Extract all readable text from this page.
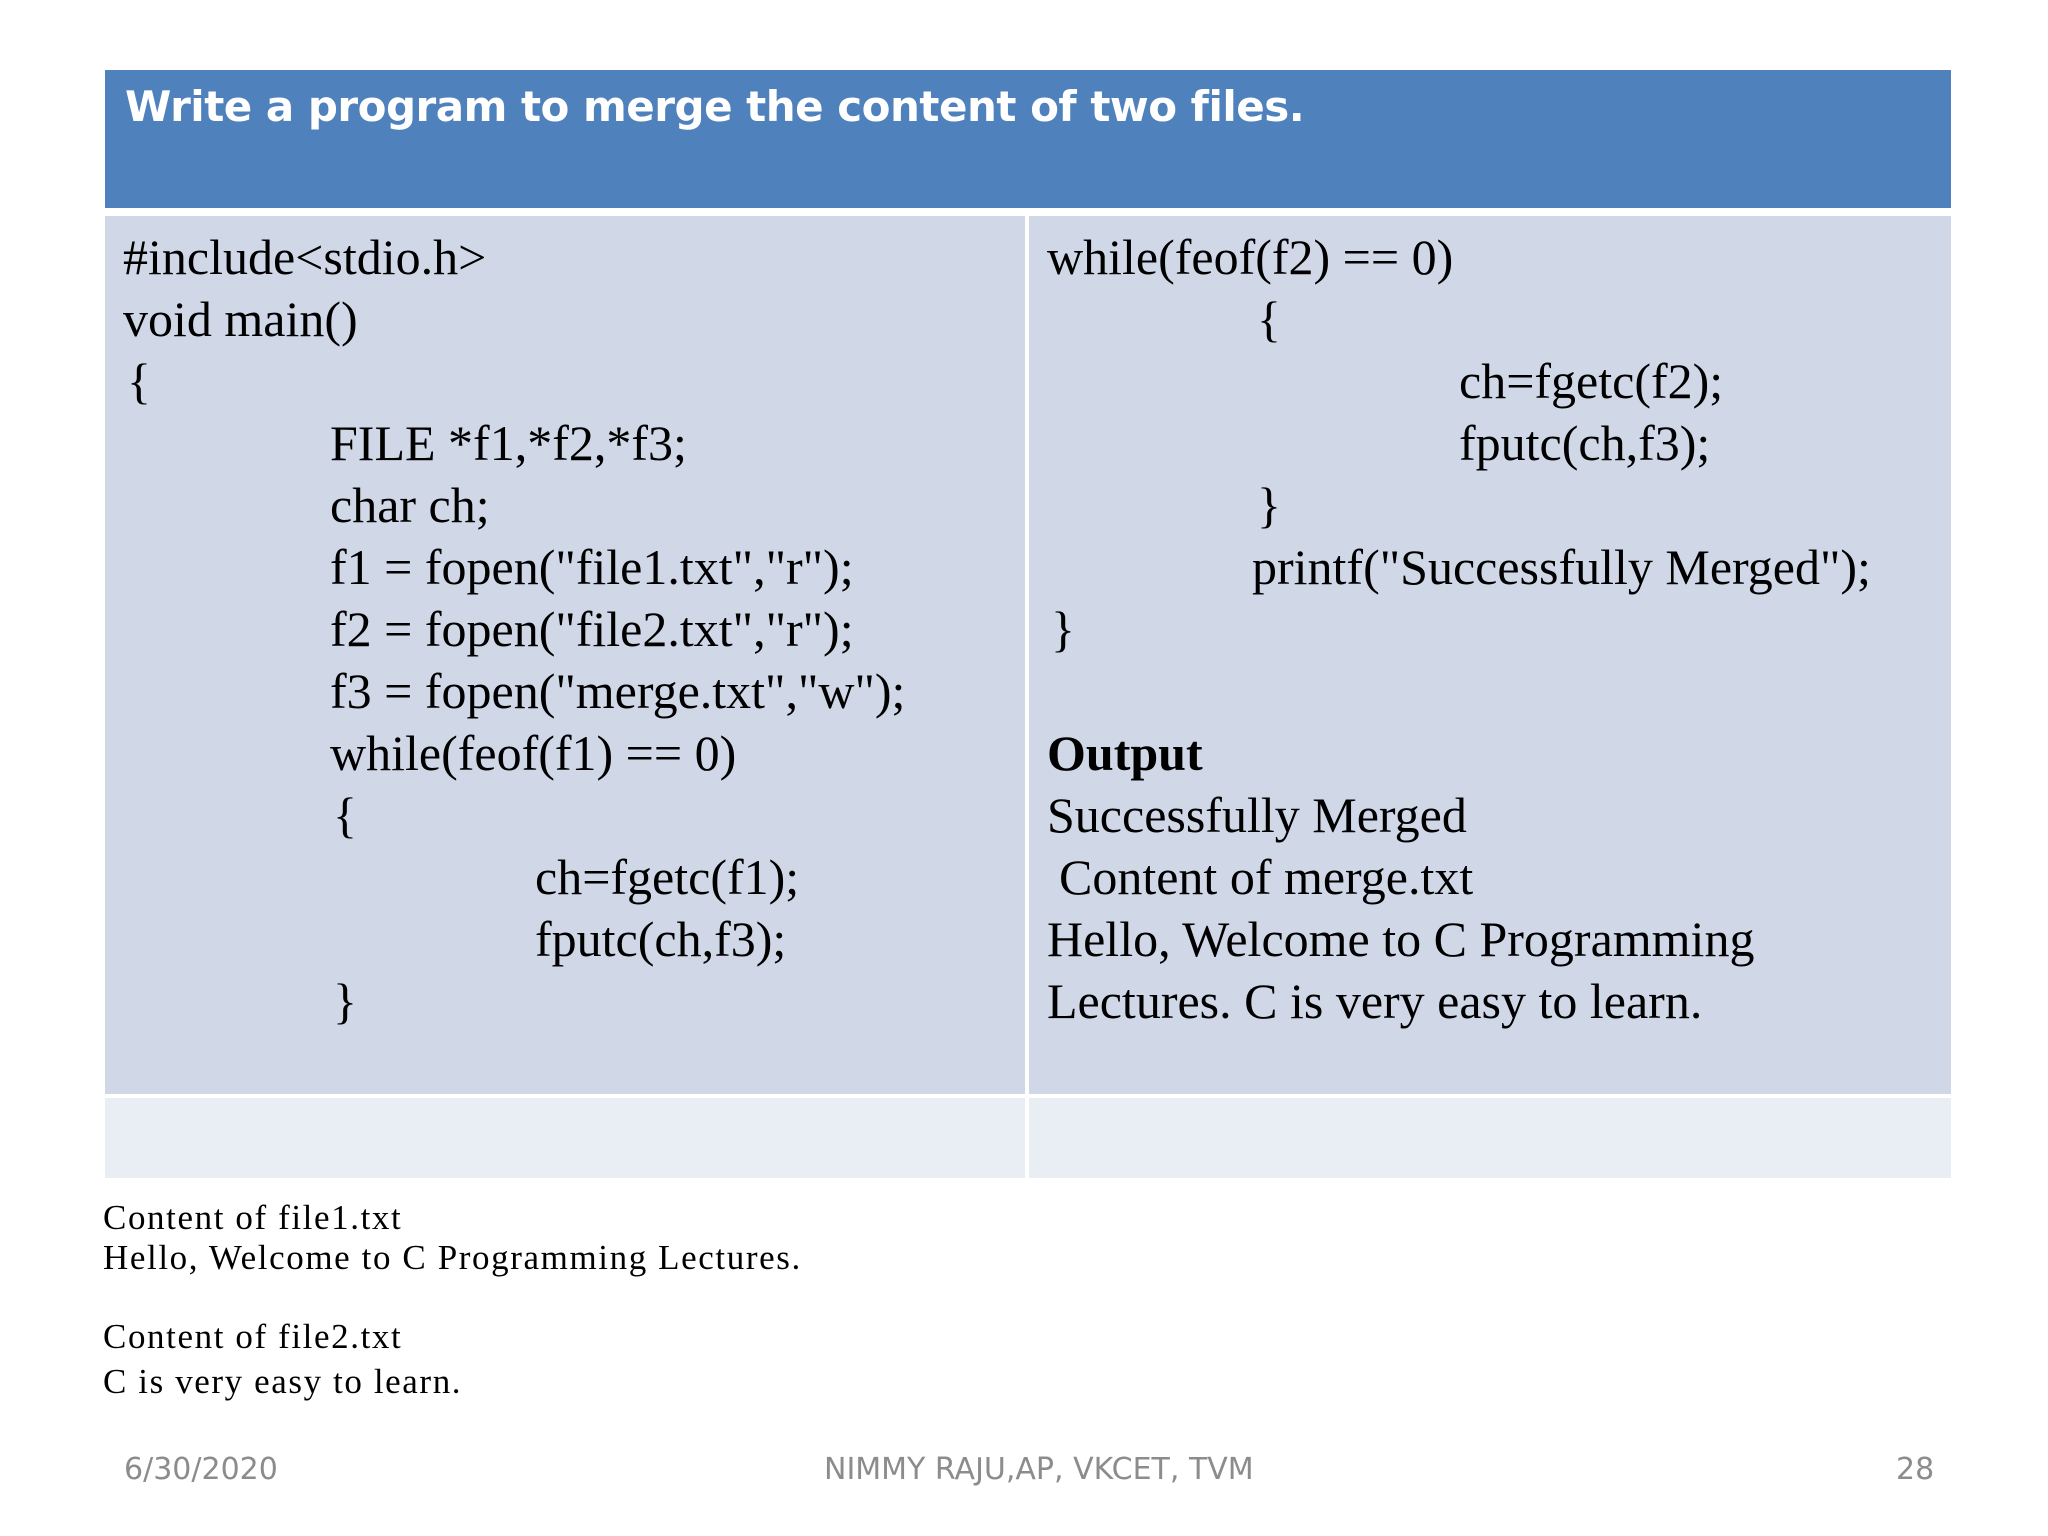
Write a program to merge the content of two files.
#include<stdio.h>
void main()
{
FILE *f1,*f2,*f3;
char ch;
f1 = fopen("file1.txt","r");
f2 = fopen("file2.txt","r");
f3 = fopen("merge.txt","w");
while(feof(f1) == 0)
{
ch=fgetc(f1);
fputc(ch,f3);
}
while(feof(f2) == 0)
{
ch=fgetc(f2);
fputc(ch,f3);
}
printf("Successfully Merged");
}
Output
Successfully Merged
Content of merge.txt
Hello, Welcome to C Programming
Lectures. C is very easy to learn.
Content of file1.txt
Hello, Welcome to C Programming Lectures.
Content of file2.txt
C is very easy to learn.
6/30/2020	NIMMY RAJU,AP, VKCET, TVM	28
